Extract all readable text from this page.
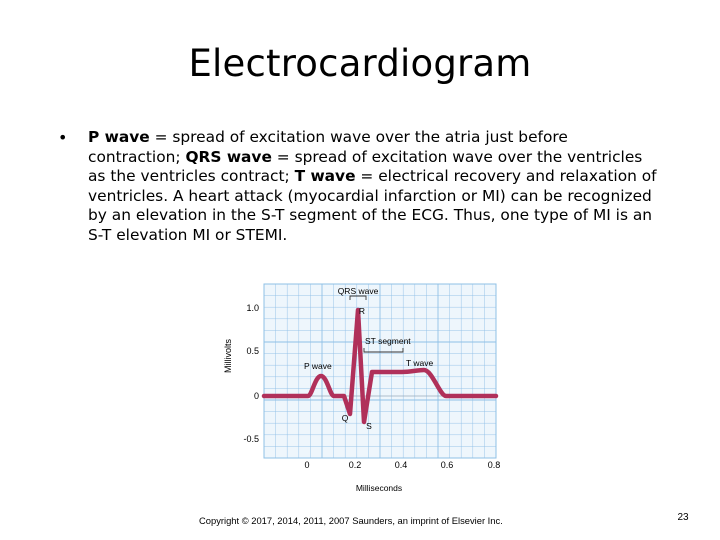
Electrocardiogram
• P wave = spread of excitation wave over the atria just before contraction; QRS wave = spread of excitation wave over the ventricles as the ventricles contract; T wave = electrical recovery and relaxation of ventricles. A heart attack (myocardial infarction or MI) can be recognized by an elevation in the S-T segment of the ECG. Thus, one type of MI is an S-T elevation MI or STEMI.
Millivolts
Milliseconds
1.0
0.5
0
-0.5
0	0.2	0.4	0.6	0.8
QRS wave
R
ST segment
P wave	T wave
Q
S
Copyright © 2017, 2014, 2011, 2007 Saunders, an imprint of Elsevier Inc.	23
